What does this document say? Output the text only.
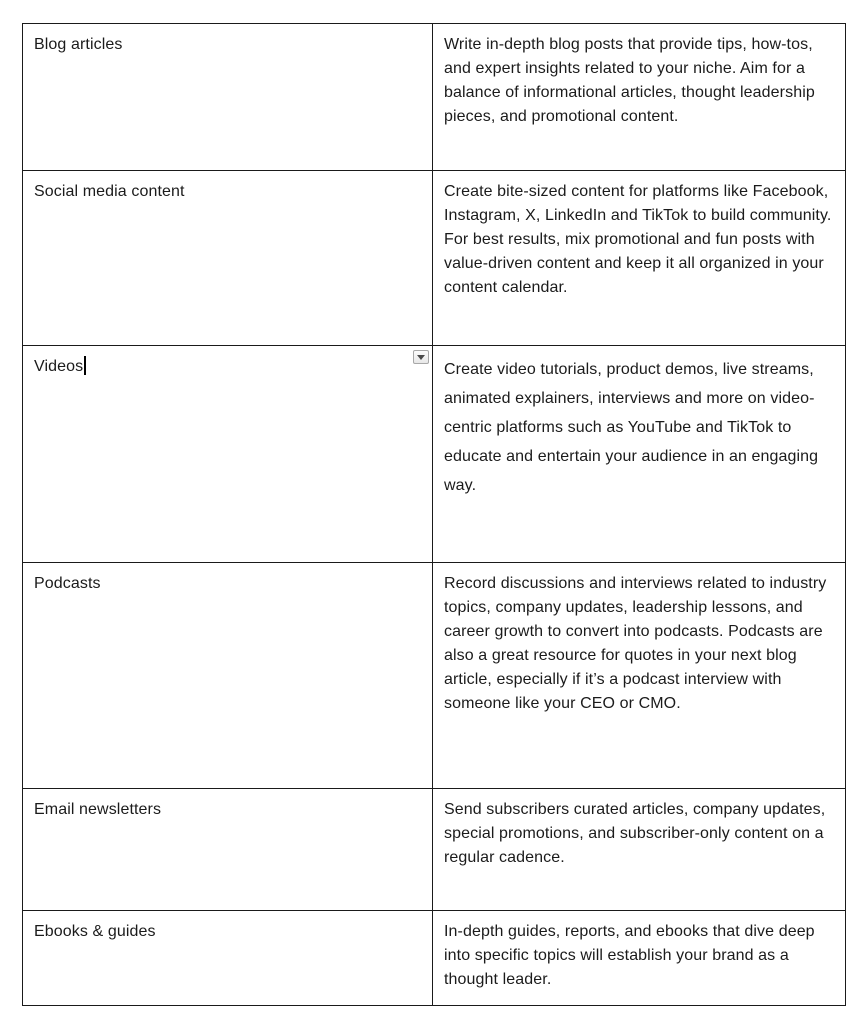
Blog articles	Write in-depth blog posts that provide tips, how-tos, and expert insights related to your niche. Aim for a balance of informational articles, thought leadership pieces, and promotional content.
Social media content	Create bite-sized content for platforms like Facebook, Instagram, X, LinkedIn and TikTok to build community. For best results, mix promotional and fun posts with value-driven content and keep it all organized in your content calendar.
Videos	Create video tutorials, product demos, live streams, animated explainers, interviews and more on video-centric platforms such as YouTube and TikTok to educate and entertain your audience in an engaging way.
Podcasts	Record discussions and interviews related to industry topics, company updates, leadership lessons, and career growth to convert into podcasts. Podcasts are also a great resource for quotes in your next blog article, especially if it’s a podcast interview with someone like your CEO or CMO.
Email newsletters	Send subscribers curated articles, company updates, special promotions, and subscriber-only content on a regular cadence.
Ebooks & guides	In-depth guides, reports, and ebooks that dive deep into specific topics will establish your brand as a thought leader.
